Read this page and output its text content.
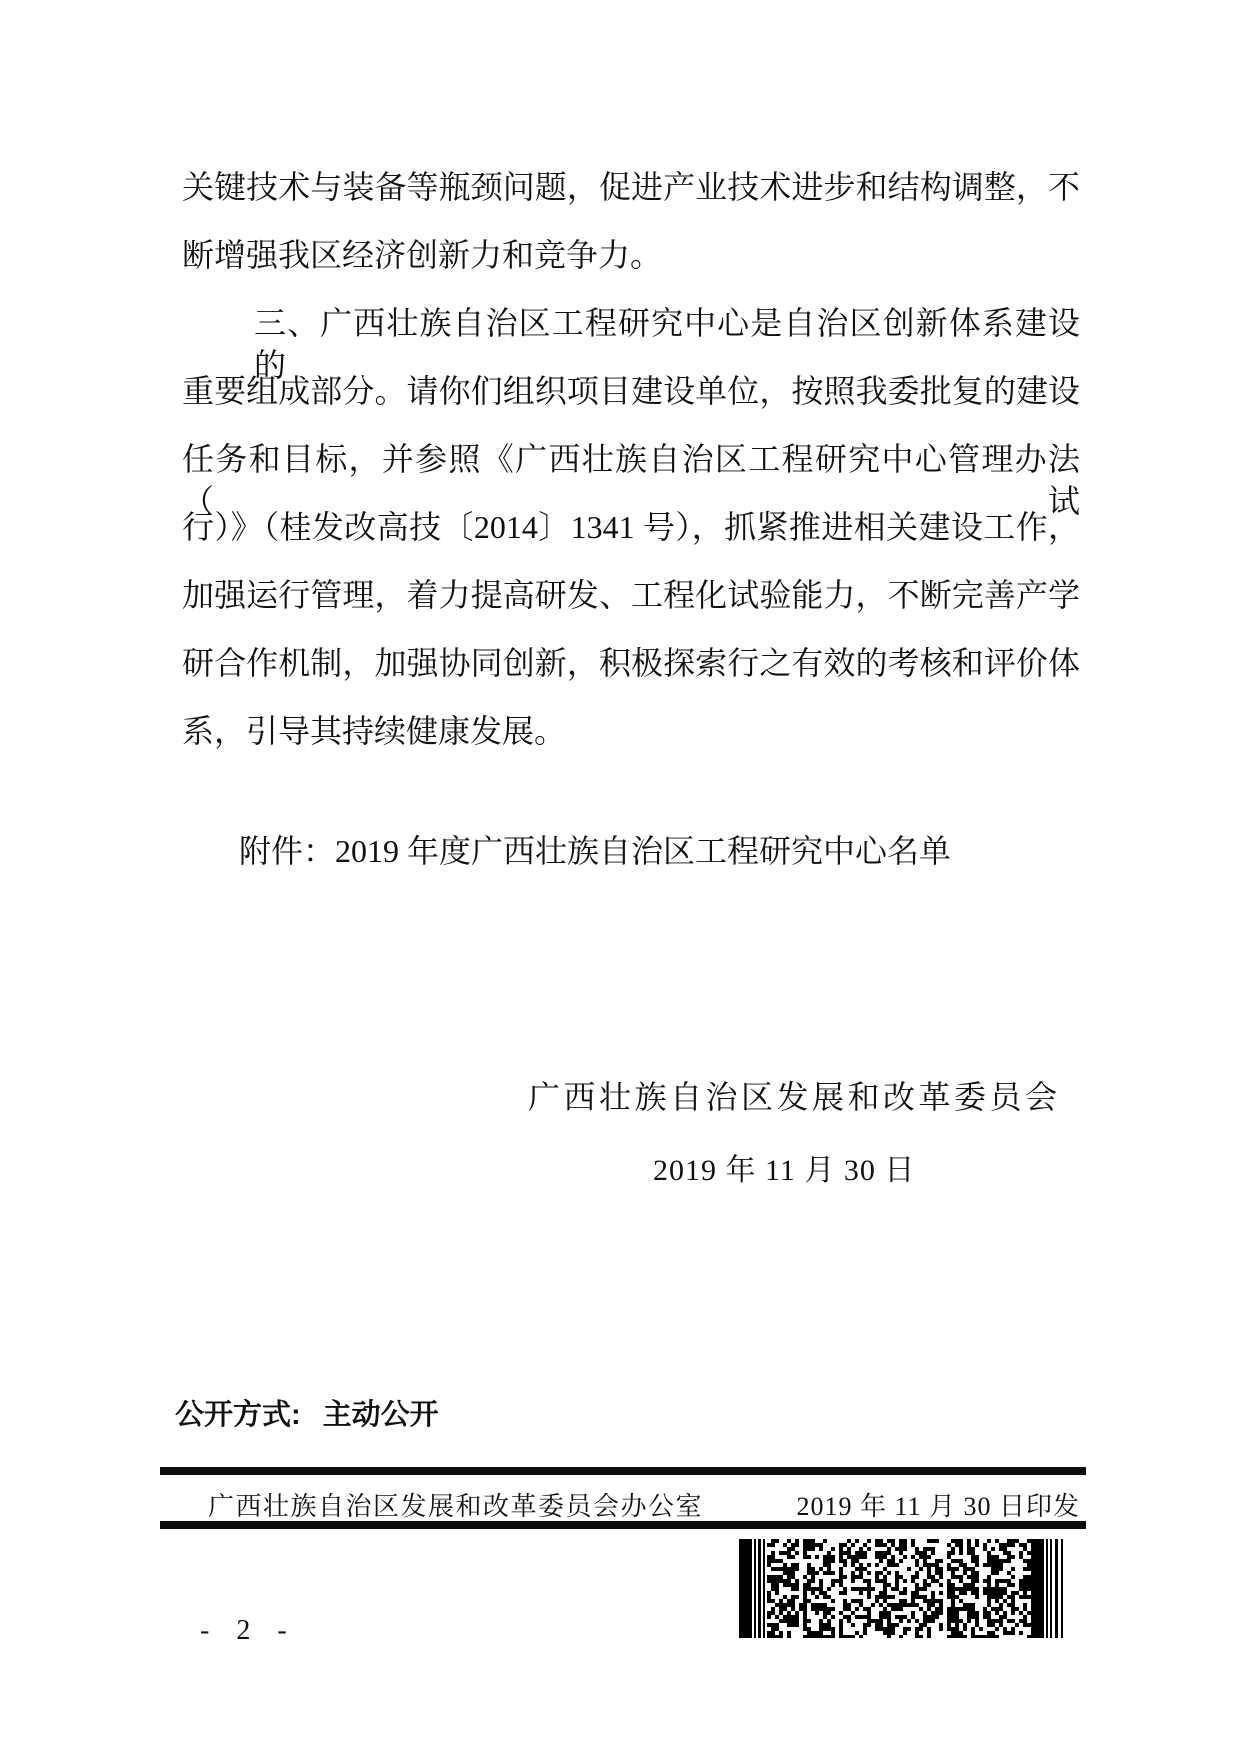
关键技术与装备等瓶颈问题，促进产业技术进步和结构调整，不
断增强我区经济创新力和竞争力。
三、广西壮族自治区工程研究中心是自治区创新体系建设的
重要组成部分。请你们组织项目建设单位，按照我委批复的建设
任务和目标，并参照《广西壮族自治区工程研究中心管理办法（试
行）》（桂发改高技〔2014〕1341 号），抓紧推进相关建设工作，
加强运行管理，着力提高研发、工程化试验能力，不断完善产学
研合作机制，加强协同创新，积极探索行之有效的考核和评价体
系，引导其持续健康发展。
附件：2019 年度广西壮族自治区工程研究中心名单
广西壮族自治区发展和改革委员会
2019 年 11 月 30 日
公开方式: 主动公开
广西壮族自治区发展和改革委员会办公室	2019 年 11 月 30 日印发
- 2 -
